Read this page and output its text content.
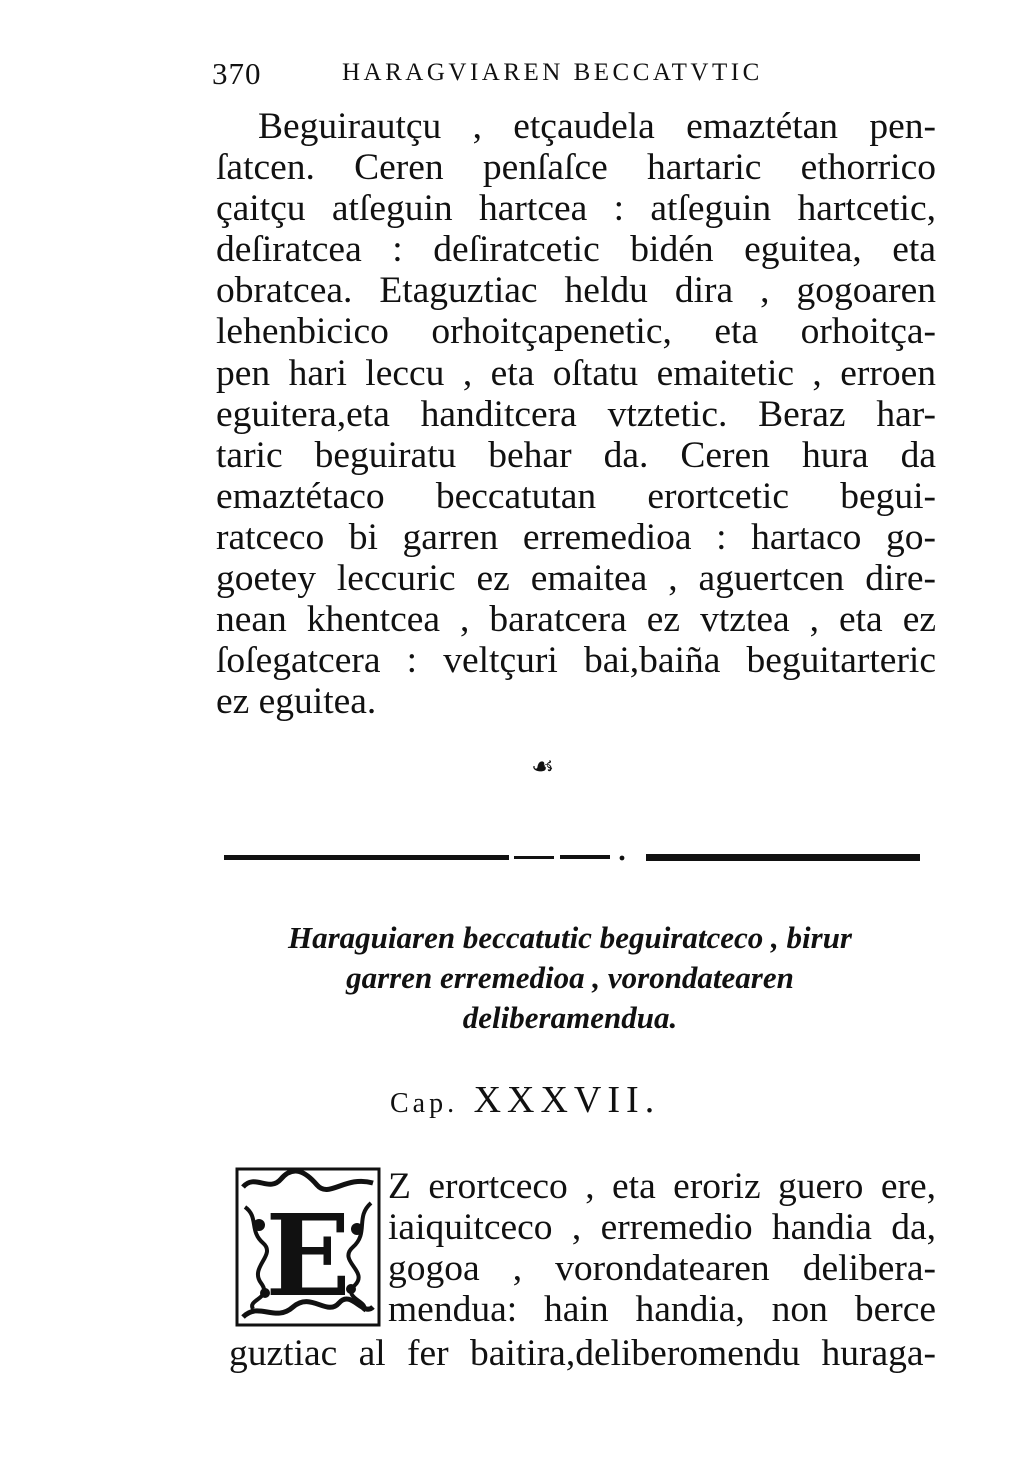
370	HARAGVIAREN BECCATVTIC
Beguirautçu , etçaudela emaztétan pen-
ſatcen. Ceren penſaſce hartaric ethorrico
çaitçu atſeguin hartcea : atſeguin hartcetic,
deſiratcea : deſiratcetic bidén eguitea, eta
obratcea. Etaguztiac heldu dira , gogoaren
lehenbicico orhoitçapenetic, eta orhoitça-
pen hari leccu , eta oſtatu emaitetic , erroen
eguitera,eta handitcera vtztetic. Beraz har-
taric beguiratu behar da. Ceren hura da
emaztétaco beccatutan erortcetic begui-
ratceco bi garren erremedioa : hartaco go-
goetey leccuric ez emaitea , aguertcen dire-
nean khentcea , baratcera ez vtztea , eta ez
ſoſegatcera : veltçuri bai,baiña beguitarteric
ez eguitea.
☙
Haraguiaren beccatutic beguiratceco , birur
garren erremedioa , vorondatearen
deliberamendua.
Cap. XXXVII.
E
Z erortceco , eta eroriz guero ere,
iaiquitceco , erremedio handia da,
gogoa , vorondatearen delibera-
mendua: hain handia, non berce
guztiac al fer baitira,deliberomendu huraga-
